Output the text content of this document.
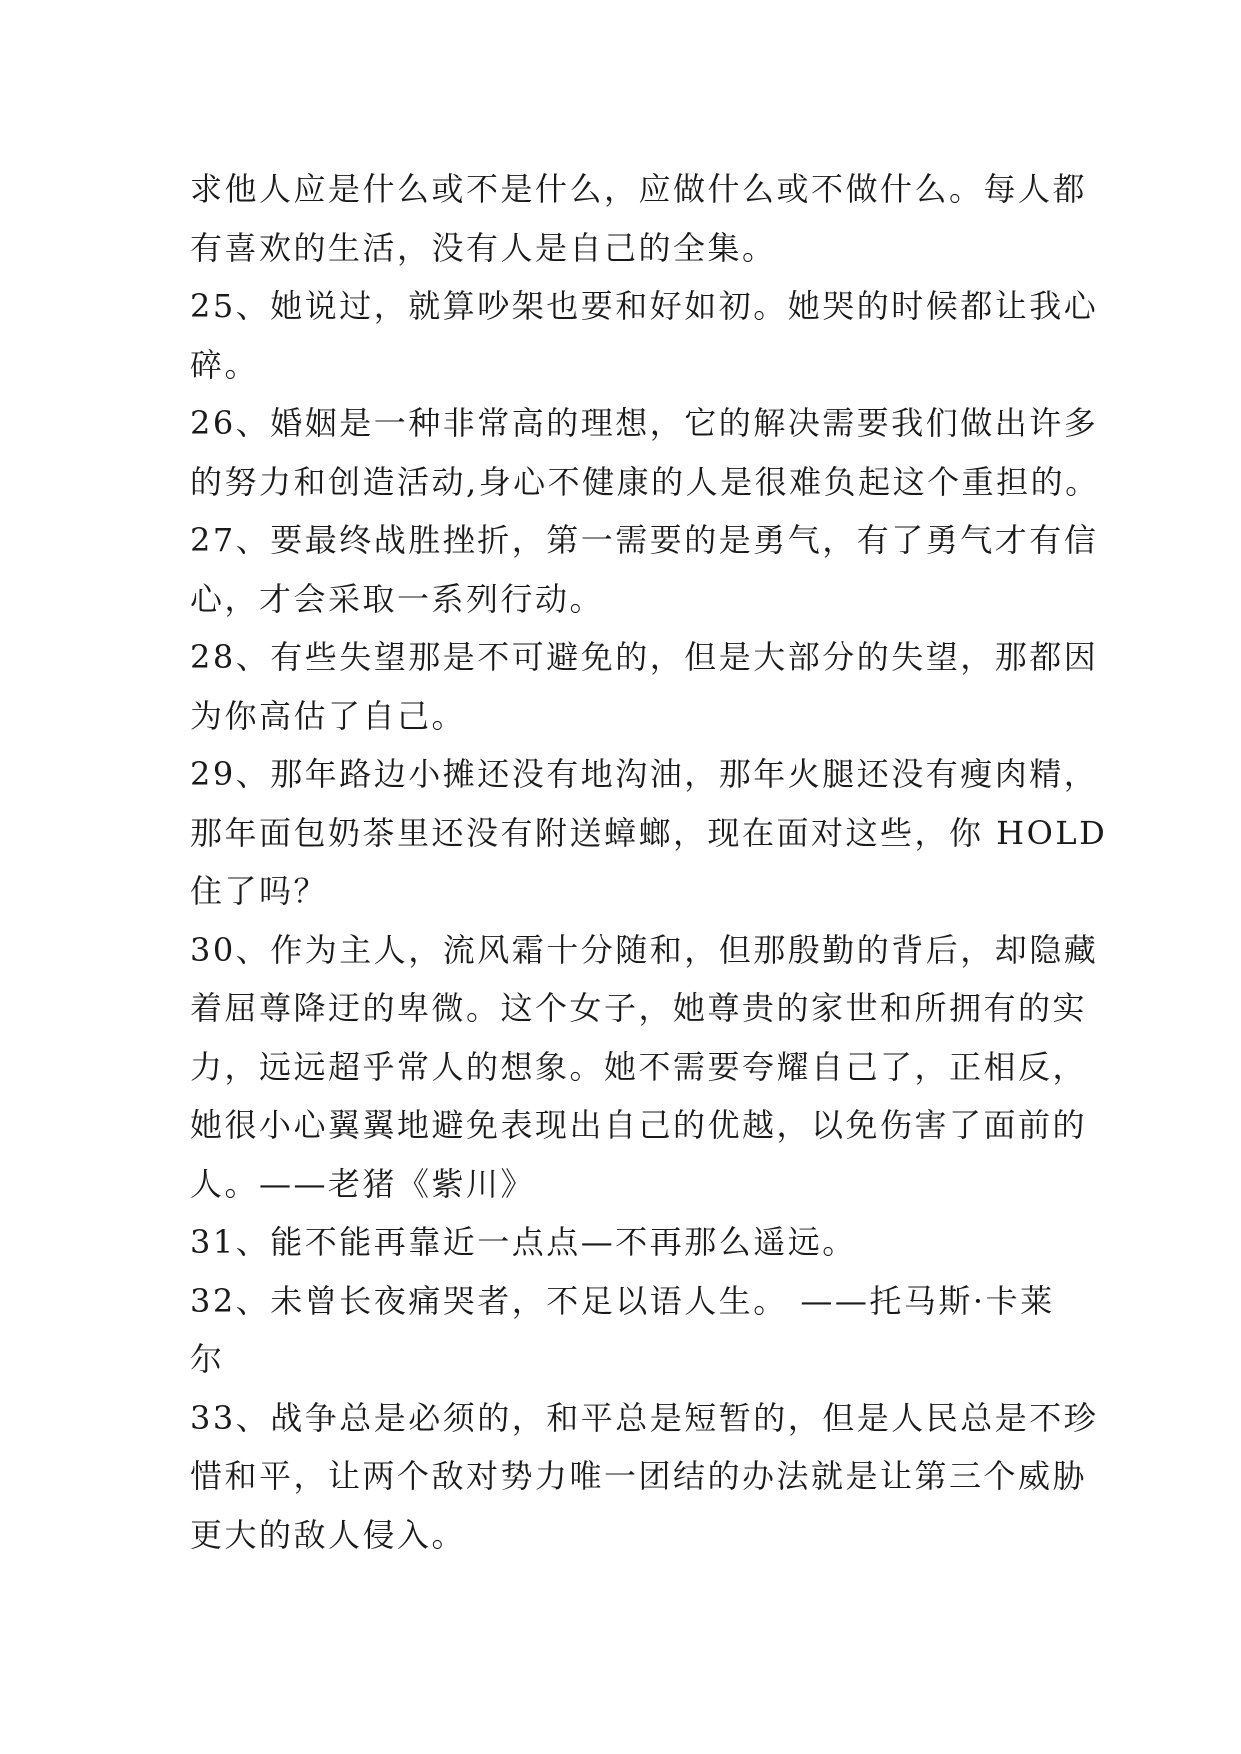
求他人应是什么或不是什么，应做什么或不做什么。每人都
有喜欢的生活，没有人是自己的全集。
25、她说过，就算吵架也要和好如初。她哭的时候都让我心
碎。
26、婚姻是一种非常高的理想，它的解决需要我们做出许多
的努力和创造活动,身心不健康的人是很难负起这个重担的。
27、要最终战胜挫折，第一需要的是勇气，有了勇气才有信
心，才会采取一系列行动。
28、有些失望那是不可避免的，但是大部分的失望，那都因
为你高估了自己。
29、那年路边小摊还没有地沟油，那年火腿还没有瘦肉精，
那年面包奶茶里还没有附送蟑螂，现在面对这些，你 HOLD
住了吗？
30、作为主人，流风霜十分随和，但那殷勤的背后，却隐藏
着屈尊降迂的卑微。这个女子，她尊贵的家世和所拥有的实
力，远远超乎常人的想象。她不需要夸耀自己了，正相反，
她很小心翼翼地避免表现出自己的优越，以免伤害了面前的
人。——老猪《紫川》
31、能不能再靠近一点点—不再那么遥远。
32、未曾长夜痛哭者，不足以语人生。 ——托马斯·卡莱
尔
33、战争总是必须的，和平总是短暂的，但是人民总是不珍
惜和平，让两个敌对势力唯一团结的办法就是让第三个威胁
更大的敌人侵入。
